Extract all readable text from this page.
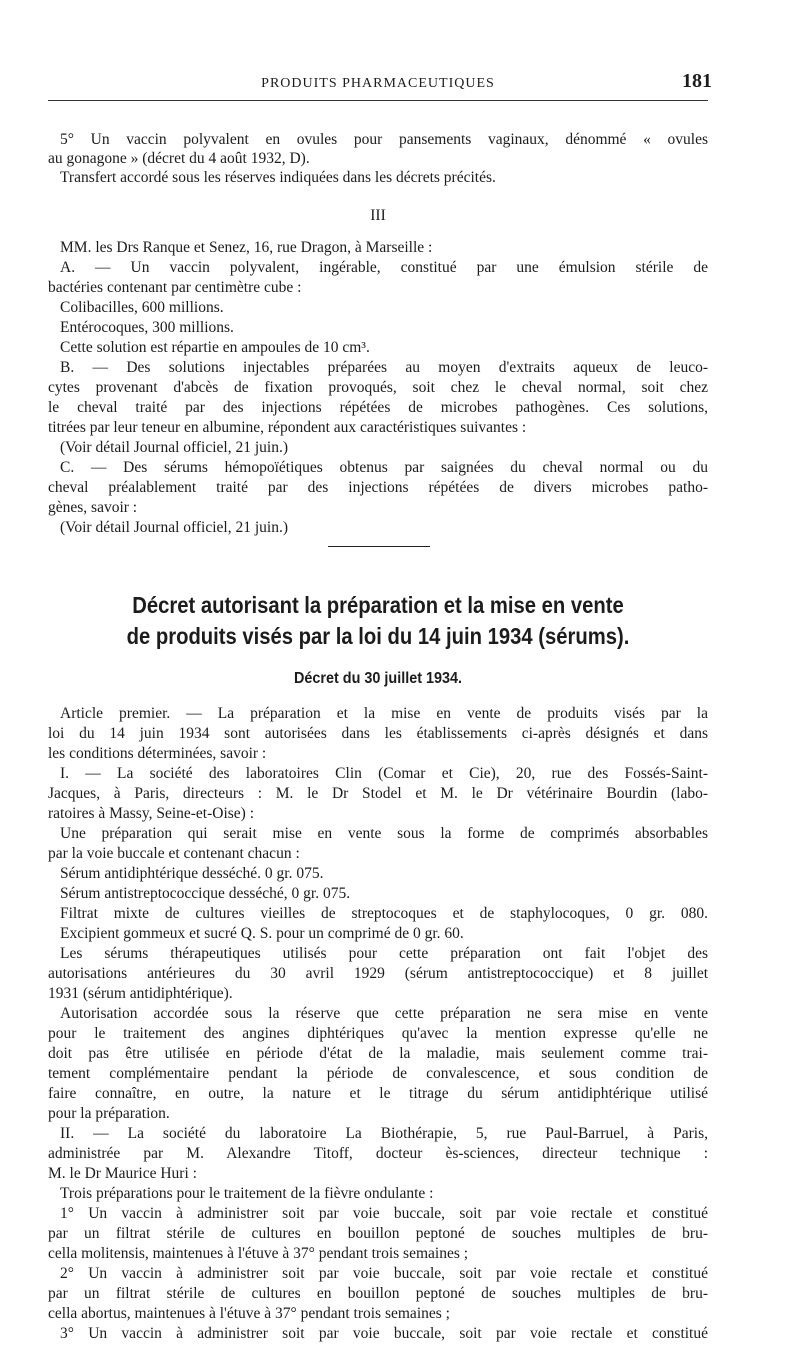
PRODUITS PHARMACEUTIQUES	181
5° Un vaccin polyvalent en ovules pour pansements vaginaux, dénommé « ovules
au gonagone » (décret du 4 août 1932, D).
Transfert accordé sous les réserves indiquées dans les décrets précités.
III
MM. les Drs Ranque et Senez, 16, rue Dragon, à Marseille :
A. — Un vaccin polyvalent, ingérable, constitué par une émulsion stérile de
bactéries contenant par centimètre cube :
Colibacilles, 600 millions.
Entérocoques, 300 millions.
Cette solution est répartie en ampoules de 10 cm³.
B. — Des solutions injectables préparées au moyen d'extraits aqueux de leuco-
cytes provenant d'abcès de fixation provoqués, soit chez le cheval normal, soit chez
le cheval traité par des injections répétées de microbes pathogènes. Ces solutions,
titrées par leur teneur en albumine, répondent aux caractéristiques suivantes :
(Voir détail Journal officiel, 21 juin.)
C. — Des sérums hémopoïétiques obtenus par saignées du cheval normal ou du
cheval préalablement traité par des injections répétées de divers microbes patho-
gènes, savoir :
(Voir détail Journal officiel, 21 juin.)
Décret autorisant la préparation et la mise en vente
de produits visés par la loi du 14 juin 1934 (sérums).
Décret du 30 juillet 1934.
Article premier. — La préparation et la mise en vente de produits visés par la
loi du 14 juin 1934 sont autorisées dans les établissements ci-après désignés et dans
les conditions déterminées, savoir :
I. — La société des laboratoires Clin (Comar et Cie), 20, rue des Fossés-Saint-
Jacques, à Paris, directeurs : M. le Dr Stodel et M. le Dr vétérinaire Bourdin (labo-
ratoires à Massy, Seine-et-Oise) :
Une préparation qui serait mise en vente sous la forme de comprimés absorbables
par la voie buccale et contenant chacun :
Sérum antidiphtérique desséché. 0 gr. 075.
Sérum antistreptococcique desséché, 0 gr. 075.
Filtrat mixte de cultures vieilles de streptocoques et de staphylocoques, 0 gr. 080.
Excipient gommeux et sucré Q. S. pour un comprimé de 0 gr. 60.
Les sérums thérapeutiques utilisés pour cette préparation ont fait l'objet des
autorisations antérieures du 30 avril 1929 (sérum antistreptococcique) et 8 juillet
1931 (sérum antidiphtérique).
Autorisation accordée sous la réserve que cette préparation ne sera mise en vente
pour le traitement des angines diphtériques qu'avec la mention expresse qu'elle ne
doit pas être utilisée en période d'état de la maladie, mais seulement comme trai-
tement complémentaire pendant la période de convalescence, et sous condition de
faire connaître, en outre, la nature et le titrage du sérum antidiphtérique utilisé
pour la préparation.
II. — La société du laboratoire La Biothérapie, 5, rue Paul-Barruel, à Paris,
administrée par M. Alexandre Titoff, docteur ès-sciences, directeur technique :
M. le Dr Maurice Huri :
Trois préparations pour le traitement de la fièvre ondulante :
1° Un vaccin à administrer soit par voie buccale, soit par voie rectale et constitué
par un filtrat stérile de cultures en bouillon peptoné de souches multiples de bru-
cella molitensis, maintenues à l'étuve à 37° pendant trois semaines ;
2° Un vaccin à administrer soit par voie buccale, soit par voie rectale et constitué
par un filtrat stérile de cultures en bouillon peptoné de souches multiples de bru-
cella abortus, maintenues à l'étuve à 37° pendant trois semaines ;
3° Un vaccin à administrer soit par voie buccale, soit par voie rectale et constitué
